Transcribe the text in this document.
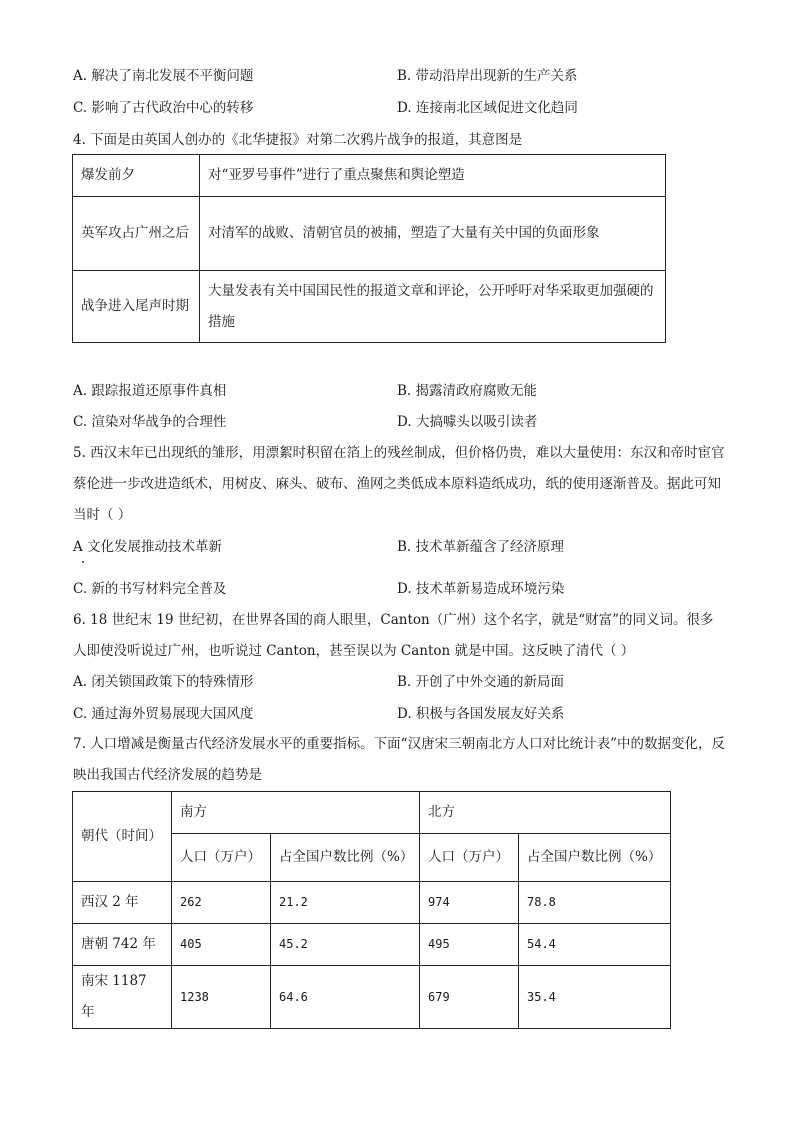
A. 解决了南北发展不平衡问题	B. 带动沿岸出现新的生产关系
C. 影响了古代政治中心的转移	D. 连接南北区域促进文化趋同
4. 下面是由英国人创办的《北华捷报》对第二次鸦片战争的报道，其意图是
爆发前夕	对“亚罗号事件”进行了重点聚焦和舆论塑造
英军攻占广州之后	对清军的战败、清朝官员的被捕，塑造了大量有关中国的负面形象
战争进入尾声时期	大量发表有关中国国民性的报道文章和评论，公开呼吁对华采取更加强硬的措施
A. 跟踪报道还原事件真相	B. 揭露清政府腐败无能
C. 渲染对华战争的合理性	D. 大搞噱头以吸引读者
5. 西汉末年已出现纸的雏形，用漂絮时积留在箔上的残丝制成，但价格仍贵，难以大量使用：东汉和帝时宦官蔡伦进一步改进造纸术，用树皮、麻头、破布、渔网之类低成本原料造纸成功，纸的使用逐渐普及。据此可知当时（ ）
A 文化发展推动技术革新	B. 技术革新蕴含了经济原理
C. 新的书写材料完全普及	D. 技术革新易造成环境污染
6. 18 世纪末 19 世纪初，在世界各国的商人眼里，Canton（广州）这个名字，就是“财富”的同义词。很多人即使没听说过广州，也听说过 Canton，甚至误以为 Canton 就是中国。这反映了清代（ ）
A. 闭关锁国政策下的特殊情形	B. 开创了中外交通的新局面
C. 通过海外贸易展现大国风度	D. 积极与各国发展友好关系
7. 人口增减是衡量古代经济发展水平的重要指标。下面“汉唐宋三朝南北方人口对比统计表”中的数据变化，反映出我国古代经济发展的趋势是
朝代（时间）	南方		北方	
	人口（万户）	占全国户数比例（%）	人口（万户）	占全国户数比例（%）
西汉 2 年	262	21.2	974	78.8
唐朝 742 年	405	45.2	495	54.4
南宋 1187 年	1238	64.6	679	35.4
